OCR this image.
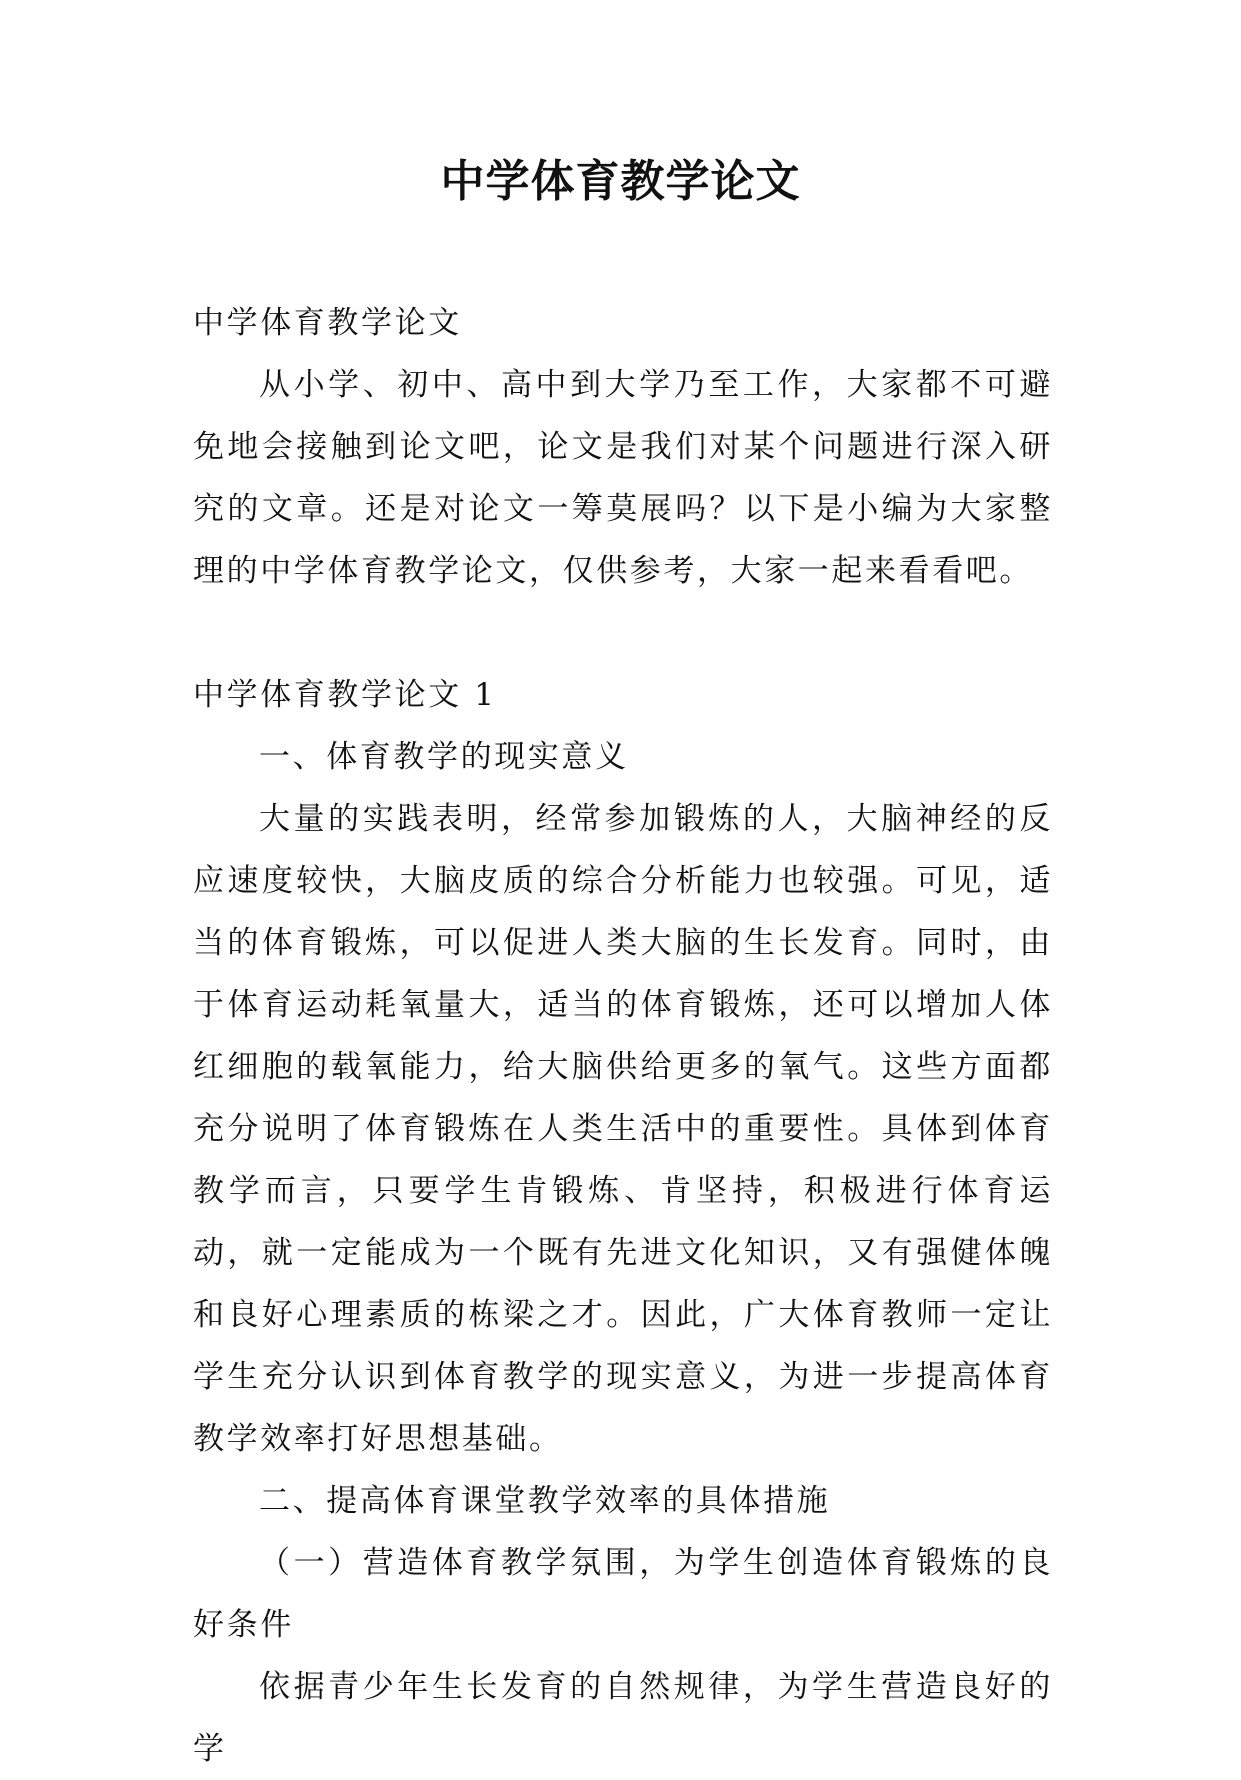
中学体育教学论文

中学体育教学论文

从小学、初中、高中到大学乃至工作，大家都不可避免地会接触到论文吧，论文是我们对某个问题进行深入研究的文章。还是对论文一筹莫展吗？以下是小编为大家整理的中学体育教学论文，仅供参考，大家一起来看看吧。

中学体育教学论文 1

一、体育教学的现实意义

大量的实践表明，经常参加锻炼的人，大脑神经的反应速度较快，大脑皮质的综合分析能力也较强。可见，适当的体育锻炼，可以促进人类大脑的生长发育。同时，由于体育运动耗氧量大，适当的体育锻炼，还可以增加人体红细胞的载氧能力，给大脑供给更多的氧气。这些方面都充分说明了体育锻炼在人类生活中的重要性。具体到体育教学而言，只要学生肯锻炼、肯坚持，积极进行体育运动，就一定能成为一个既有先进文化知识，又有强健体魄和良好心理素质的栋梁之才。因此，广大体育教师一定让学生充分认识到体育教学的现实意义，为进一步提高体育教学效率打好思想基础。

二、提高体育课堂教学效率的具体措施

（一）营造体育教学氛围，为学生创造体育锻炼的良好条件

依据青少年生长发育的自然规律，为学生营造良好的学
